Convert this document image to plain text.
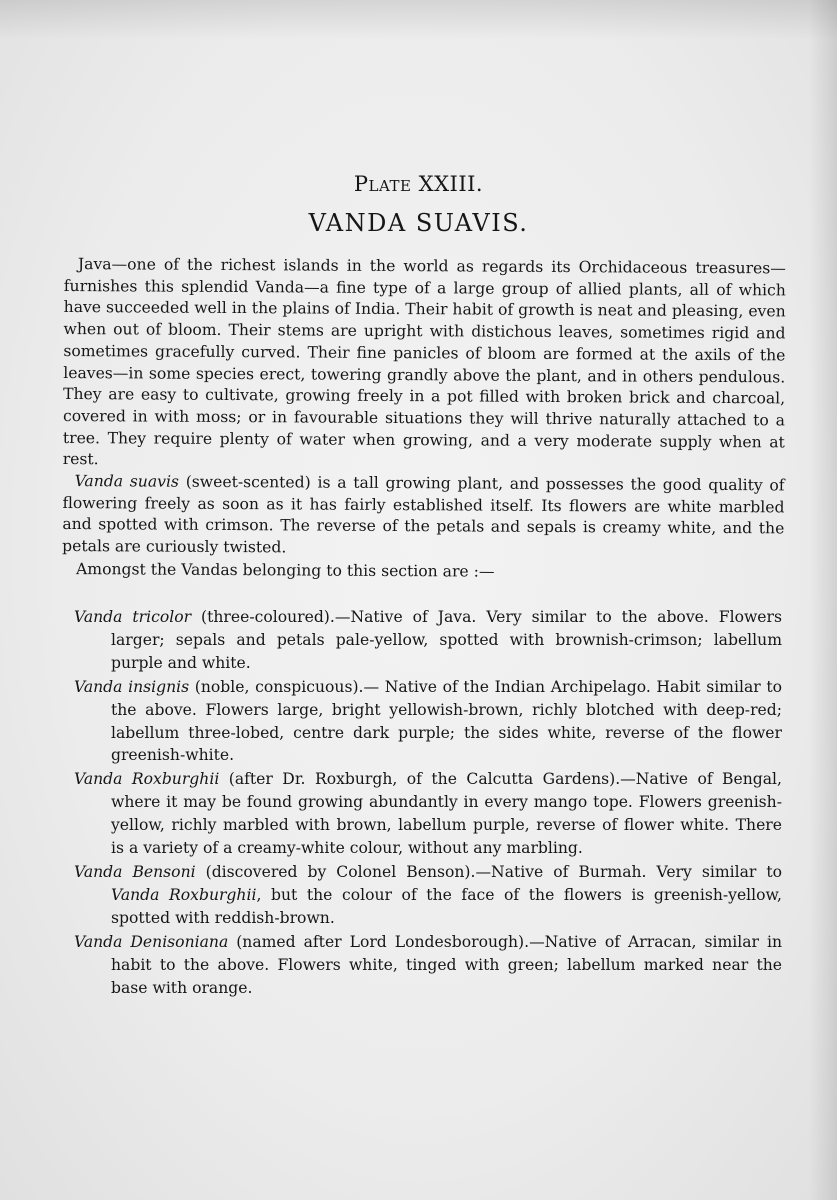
Plate XXIII.
VANDA SUAVIS.

Java—one of the richest islands in the world as regards its Orchidaceous treasures—furnishes this splendid Vanda—a fine type of a large group of allied plants, all of which have succeeded well in the plains of India. Their habit of growth is neat and pleasing, even when out of bloom. Their stems are upright with distichous leaves, sometimes rigid and sometimes gracefully curved. Their fine panicles of bloom are formed at the axils of the leaves—in some species erect, towering grandly above the plant, and in others pendulous. They are easy to cultivate, growing freely in a pot filled with broken brick and charcoal, covered in with moss; or in favourable situations they will thrive naturally attached to a tree. They require plenty of water when growing, and a very moderate supply when at rest.

Vanda suavis (sweet-scented) is a tall growing plant, and possesses the good quality of flowering freely as soon as it has fairly established itself. Its flowers are white marbled and spotted with crimson. The reverse of the petals and sepals is creamy white, and the petals are curiously twisted.

Amongst the Vandas belonging to this section are :—

Vanda tricolor (three-coloured).—Native of Java. Very similar to the above. Flowers larger; sepals and petals pale-yellow, spotted with brownish-crimson; labellum purple and white.

Vanda insignis (noble, conspicuous).— Native of the Indian Archipelago. Habit similar to the above. Flowers large, bright yellowish-brown, richly blotched with deep-red; labellum three-lobed, centre dark purple; the sides white, reverse of the flower greenish-white.

Vanda Roxburghii (after Dr. Roxburgh, of the Calcutta Gardens).—Native of Bengal, where it may be found growing abundantly in every mango tope. Flowers greenish-yellow, richly marbled with brown, labellum purple, reverse of flower white. There is a variety of a creamy-white colour, without any marbling.

Vanda Bensoni (discovered by Colonel Benson).—Native of Burmah. Very similar to Vanda Roxburghii, but the colour of the face of the flowers is greenish-yellow, spotted with reddish-brown.

Vanda Denisoniana (named after Lord Londesborough).—Native of Arracan, similar in habit to the above. Flowers white, tinged with green; labellum marked near the base with orange.
